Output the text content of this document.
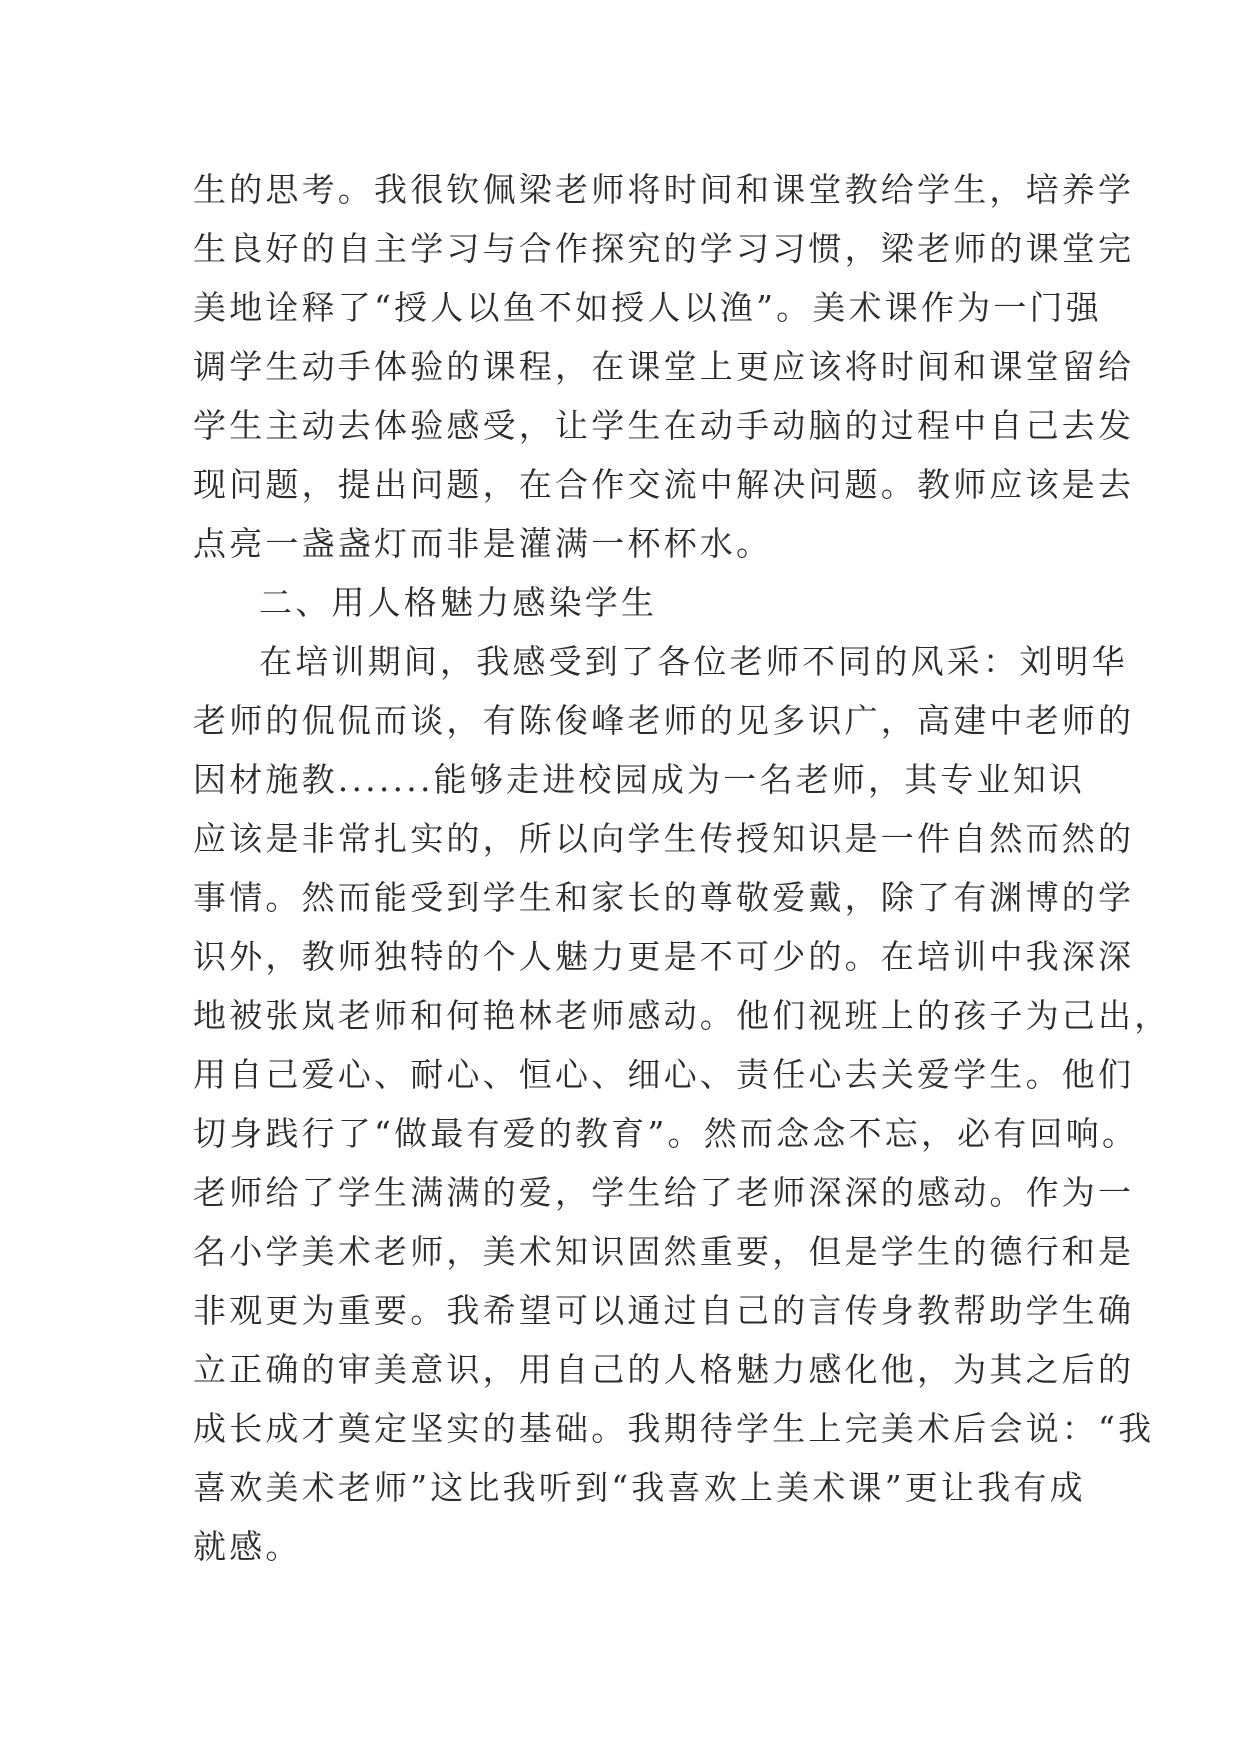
生的思考。我很钦佩梁老师将时间和课堂教给学生，培养学
生良好的自主学习与合作探究的学习习惯，梁老师的课堂完
美地诠释了“授人以鱼不如授人以渔”。美术课作为一门强
调学生动手体验的课程，在课堂上更应该将时间和课堂留给
学生主动去体验感受，让学生在动手动脑的过程中自己去发
现问题，提出问题，在合作交流中解决问题。教师应该是去
点亮一盏盏灯而非是灌满一杯杯水。
二、用人格魅力感染学生
在培训期间，我感受到了各位老师不同的风采：刘明华
老师的侃侃而谈，有陈俊峰老师的见多识广，高建中老师的
因材施教.......能够走进校园成为一名老师，其专业知识
应该是非常扎实的，所以向学生传授知识是一件自然而然的
事情。然而能受到学生和家长的尊敬爱戴，除了有渊博的学
识外，教师独特的个人魅力更是不可少的。在培训中我深深
地被张岚老师和何艳林老师感动。他们视班上的孩子为己出，
用自己爱心、耐心、恒心、细心、责任心去关爱学生。他们
切身践行了“做最有爱的教育”。然而念念不忘，必有回响。
老师给了学生满满的爱，学生给了老师深深的感动。作为一
名小学美术老师，美术知识固然重要，但是学生的德行和是
非观更为重要。我希望可以通过自己的言传身教帮助学生确
立正确的审美意识，用自己的人格魅力感化他，为其之后的
成长成才奠定坚实的基础。我期待学生上完美术后会说：“我
喜欢美术老师”这比我听到“我喜欢上美术课”更让我有成
就感。
